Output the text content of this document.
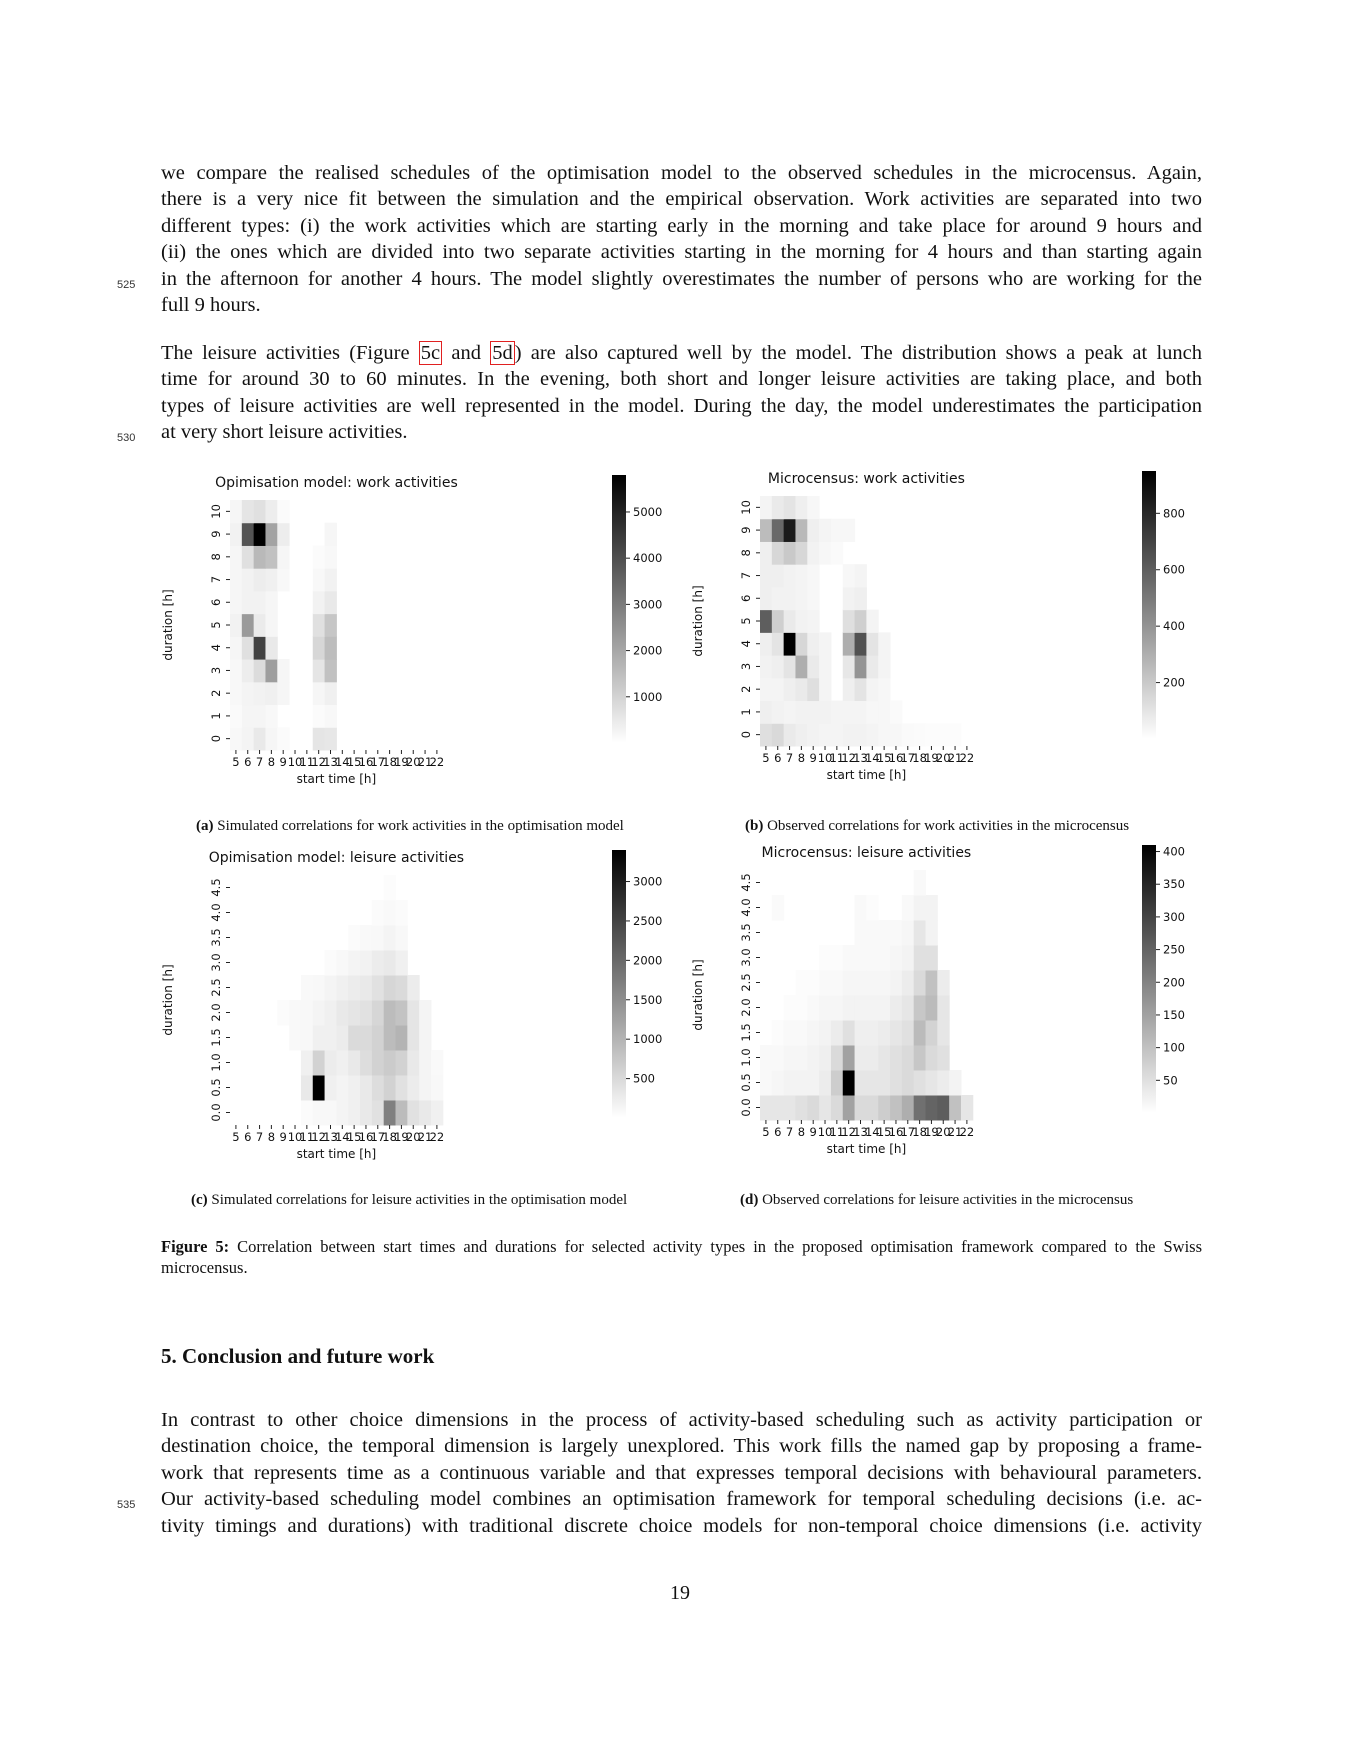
we compare the realised schedules of the optimisation model to the observed schedules in the microcensus. Again,
there is a very nice fit between the simulation and the empirical observation. Work activities are separated into two
different types: (i) the work activities which are starting early in the morning and take place for around 9 hours and
(ii) the ones which are divided into two separate activities starting in the morning for 4 hours and than starting again
525	in the afternoon for another 4 hours. The model slightly overestimates the number of persons who are working for the
full 9 hours.
The leisure activities (Figure 5c and 5d) are also captured well by the model. The distribution shows a peak at lunch
time for around 30 to 60 minutes. In the evening, both short and longer leisure activities are taking place, and both
types of leisure activities are well represented in the model. During the day, the model underestimates the participation
530	at very short leisure activities.
Opimisation model: work activities
5 6 7 8 9 10
11
12
13
14
15
16
17
18
19
20
21
22
start time [h]
0
1
2
3
4
5
6
7
8
9
10
duration [h]
1000
2000
3000
4000
5000
Microcensus: work activities
5 6 7 8 9 10
11
12
13
14
15
16
17
18
19
20
21
22
start time [h]
0
1
2
3
4
5
6
7
8
9
10
duration [h]
200
400
600
800
Opimisation model: leisure activities
5 6 7 8 9 10
11
12
13
14
15
16
17
18
19
20
21
22
start time [h]
0.0
0.5
1.0
1.5
2.0
2.5
3.0
3.5
4.0
4.5
duration [h]
500
1000
1500
2000
2500
3000
Microcensus: leisure activities
5 6 7 8 9 10
11
12
13
14
15
16
17
18
19
20
21
22
start time [h]
0.0
0.5
1.0
1.5
2.0
2.5
3.0
3.5
4.0
4.5
duration [h]
50
100
150
200
250
300
350
400
(a) Simulated correlations for work activities in the optimisation model	(b) Observed correlations for work activities in the microcensus
(c) Simulated correlations for leisure activities in the optimisation model	(d) Observed correlations for leisure activities in the microcensus
Figure 5: Correlation between start times and durations for selected activity types in the proposed optimisation framework compared to the Swiss microcensus.
5. Conclusion and future work
In contrast to other choice dimensions in the process of activity-based scheduling such as activity participation or
destination choice, the temporal dimension is largely unexplored. This work fills the named gap by proposing a frame-
work that represents time as a continuous variable and that expresses temporal decisions with behavioural parameters.
535	Our activity-based scheduling model combines an optimisation framework for temporal scheduling decisions (i.e. ac-
tivity timings and durations) with traditional discrete choice models for non-temporal choice dimensions (i.e. activity
19
